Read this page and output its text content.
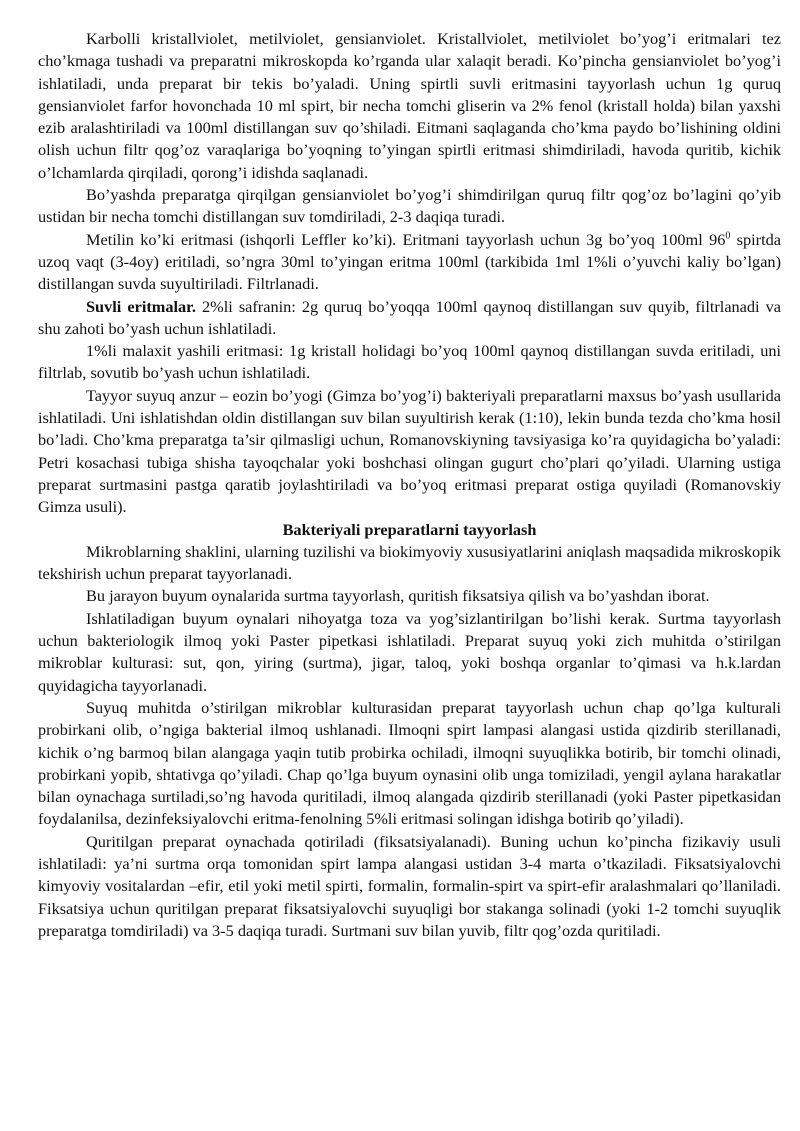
Karbolli kristallviolet, metilviolet, gensianviolet. Kristallviolet, metilviolet bo’yog’i eritmalari tez cho’kmaga tushadi va preparatni mikroskopda ko’rganda ular xalaqit beradi. Ko’pincha gensianviolet bo’yog’i ishlatiladi, unda preparat bir tekis bo’yaladi. Uning spirtli suvli eritmasini tayyorlash uchun 1g quruq gensianviolet farfor hovonchada 10 ml spirt, bir necha tomchi gliserin va 2% fenol (kristall holda) bilan yaxshi ezib aralashtiriladi va 100ml distillangan suv qo’shiladi. Eitmani saqlaganda cho’kma paydo bo’lishining oldini olish uchun filtr qog’oz varaqlariga bo’yoqning to’yingan spirtli eritmasi shimdiriladi, havoda quritib, kichik o’lchamlarda qirqiladi, qorong’i idishda saqlanadi.

Bo’yashda preparatga qirqilgan gensianviolet bo’yog’i shimdirilgan quruq filtr qog’oz bo’lagini qo’yib ustidan bir necha tomchi distillangan suv tomdiriladi, 2-3 daqiqa turadi.

Metilin ko’ki eritmasi (ishqorli Leffler ko’ki). Eritmani tayyorlash uchun 3g bo’yoq 100ml $96^0$ spirtda uzoq vaqt (3-4oy) eritiladi, so’ngra 30ml to’yingan eritma 100ml (tarkibida 1ml 1%li o’yuvchi kaliy bo’lgan) distillangan suvda suyultiriladi. Filtrlanadi.

Suvli eritmalar. 2%li safranin: 2g quruq bo’yoqqa 100ml qaynoq distillangan suv quyib, filtrlanadi va shu zahoti bo’yash uchun ishlatiladi.

1%li malaxit yashili eritmasi: 1g kristall holidagi bo’yoq 100ml qaynoq distillangan suvda eritiladi, uni filtrlab, sovutib bo’yash uchun ishlatiladi.

Tayyor suyuq anzur – eozin bo’yogi (Gimza bo’yog’i) bakteriyali preparatlarni maxsus bo’yash usullarida ishlatiladi. Uni ishlatishdan oldin distillangan suv bilan suyultirish kerak (1:10), lekin bunda tezda cho’kma hosil bo’ladi. Cho’kma preparatga ta’sir qilmasligi uchun, Romanovskiyning tavsiyasiga ko’ra quyidagicha bo’yaladi: Petri kosachasi tubiga shisha tayoqchalar yoki boshchasi olingan gugurt cho’plari qo’yiladi. Ularning ustiga preparat surtmasini pastga qaratib joylashtiriladi va bo’yoq eritmasi preparat ostiga quyiladi (Romanovskiy Gimza usuli).

Bakteriyali preparatlarni tayyorlash

Mikroblarning shaklini, ularning tuzilishi va biokimyoviy xususiyatlarini aniqlash maqsadida mikroskopik tekshirish uchun preparat tayyorlanadi.

Bu jarayon buyum oynalarida surtma tayyorlash, quritish fiksatsiya qilish va bo’yashdan iborat.

Ishlatiladigan buyum oynalari nihoyatga toza va yog’sizlantirilgan bo’lishi kerak. Surtma tayyorlash uchun bakteriologik ilmoq yoki Paster pipetkasi ishlatiladi. Preparat suyuq yoki zich muhitda o’stirilgan mikroblar kulturasi: sut, qon, yiring (surtma), jigar, taloq, yoki boshqa organlar to’qimasi va h.k.lardan quyidagicha tayyorlanadi.

Suyuq muhitda o’stirilgan mikroblar kulturasidan preparat tayyorlash uchun chap qo’lga kulturali probirkani olib, o’ngiga bakterial ilmoq ushlanadi. Ilmoqni spirt lampasi alangasi ustida qizdirib sterillanadi, kichik o’ng barmoq bilan alangaga yaqin tutib probirka ochiladi, ilmoqni suyuqlikka botirib, bir tomchi olinadi, probirkani yopib, shtativga qo’yiladi. Chap qo’lga buyum oynasini olib unga tomiziladi, yengil aylana harakatlar bilan oynachaga surtiladi,so’ng havoda quritiladi, ilmoq alangada qizdirib sterillanadi (yoki Paster pipetkasidan foydalanilsa, dezinfeksiyalovchi eritma-fenolning 5%li eritmasi solingan idishga botirib qo’yiladi).

Quritilgan preparat oynachada qotiriladi (fiksatsiyalanadi). Buning uchun ko’pincha fizikaviy usuli ishlatiladi: ya’ni surtma orqa tomonidan spirt lampa alangasi ustidan 3-4 marta o’tkaziladi. Fiksatsiyalovchi kimyoviy vositalardan –efir, etil yoki metil spirti, formalin, formalin-spirt va spirt-efir aralashmalari qo’llaniladi. Fiksatsiya uchun quritilgan preparat fiksatsiyalovchi suyuqligi bor stakanga solinadi (yoki 1-2 tomchi suyuqlik preparatga tomdiriladi) va 3-5 daqiqa turadi. Surtmani suv bilan yuvib, filtr qog’ozda quritiladi.
